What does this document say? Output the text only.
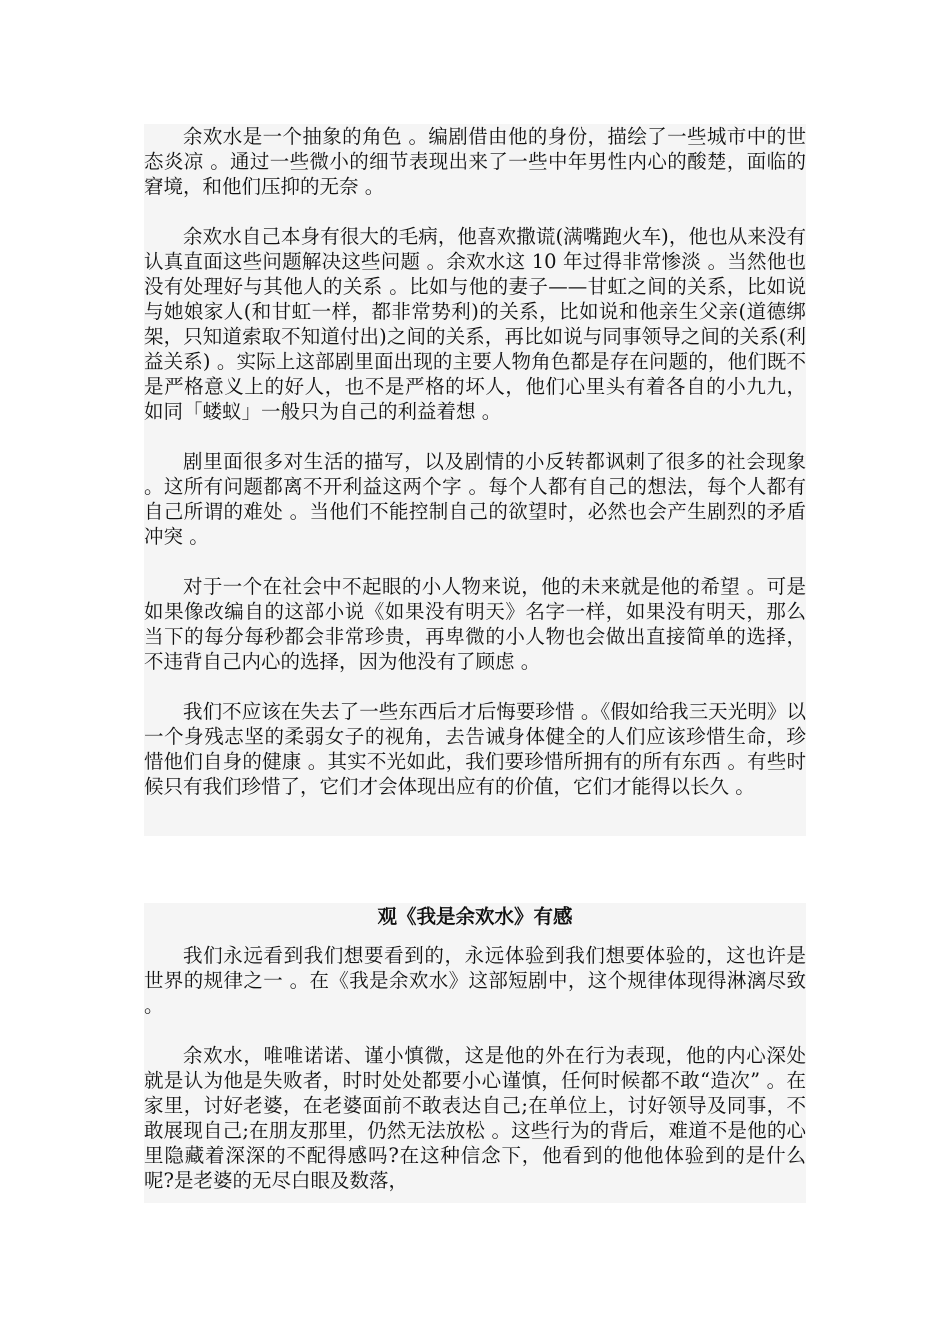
余欢水是一个抽象的角色 。编剧借由他的身份，描绘了一些城市中的世态炎凉 。通过一些微小的细节表现出来了一些中年男性内心的酸楚，面临的窘境，和他们压抑的无奈 。

余欢水自己本身有很大的毛病，他喜欢撒谎(满嘴跑火车)，他也从来没有认真直面这些问题解决这些问题 。余欢水这 10 年过得非常惨淡 。当然他也没有处理好与其他人的关系 。比如与他的妻子——甘虹之间的关系，比如说与她娘家人(和甘虹一样，都非常势利)的关系，比如说和他亲生父亲(道德绑架，只知道索取不知道付出)之间的关系，再比如说与同事领导之间的关系(利益关系) 。实际上这部剧里面出现的主要人物角色都是存在问题的，他们既不是严格意义上的好人，也不是严格的坏人，他们心里头有着各自的小九九，如同「蝼蚁」一般只为自己的利益着想 。

剧里面很多对生活的描写，以及剧情的小反转都讽刺了很多的社会现象 。这所有问题都离不开利益这两个字 。每个人都有自己的想法，每个人都有自己所谓的难处 。当他们不能控制自己的欲望时，必然也会产生剧烈的矛盾冲突 。

对于一个在社会中不起眼的小人物来说，他的未来就是他的希望 。可是如果像改编自的这部小说《如果没有明天》名字一样，如果没有明天，那么当下的每分每秒都会非常珍贵，再卑微的小人物也会做出直接简单的选择，不违背自己内心的选择，因为他没有了顾虑 。

我们不应该在失去了一些东西后才后悔要珍惜 。《假如给我三天光明》以一个身残志坚的柔弱女子的视角，去告诫身体健全的人们应该珍惜生命，珍惜他们自身的健康 。其实不光如此，我们要珍惜所拥有的所有东西 。有些时候只有我们珍惜了，它们才会体现出应有的价值，它们才能得以长久 。

观《我是余欢水》有感

我们永远看到我们想要看到的，永远体验到我们想要体验的，这也许是世界的规律之一 。在《我是余欢水》这部短剧中，这个规律体现得淋漓尽致 。

余欢水，唯唯诺诺、谨小慎微，这是他的外在行为表现，他的内心深处就是认为他是失败者，时时处处都要小心谨慎，任何时候都不敢“造次” 。在家里，讨好老婆，在老婆面前不敢表达自己;在单位上，讨好领导及同事，不敢展现自己;在朋友那里，仍然无法放松 。这些行为的背后，难道不是他的心里隐藏着深深的不配得感吗?在这种信念下，他看到的他他体验到的是什么呢?是老婆的无尽白眼及数落，
